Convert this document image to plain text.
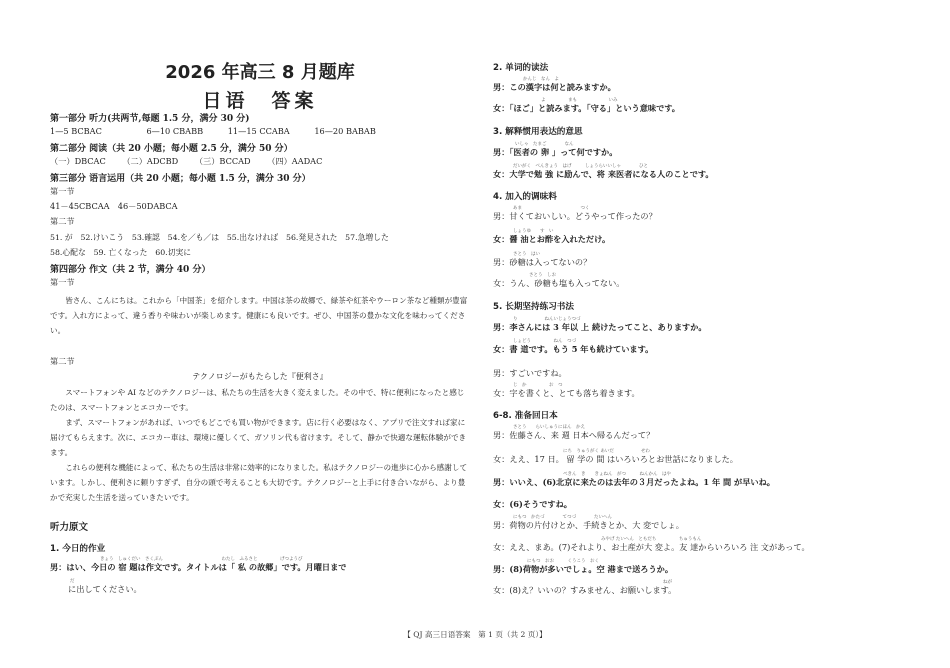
2026 年高三 8 月题库
日语　答案
第一部分 听力(共两节,每题 1.5 分，满分 30 分)
1—5 BCBAC	6—10 CBABB	11—15 CCABA	16—20 BABAB
第二部分 阅读（共 20 小题；每小题 2.5 分，满分 50 分）
（一）DBCAC （二）ADCBD （三）BCCAD （四）AADAC
第三部分 语言运用（共 20 小题；每小题 1.5 分，满分 30 分）
第一节
41－45CBCAA　46－50DABCA
第二节
51. が　52.けいこう　53.確認　54.を／も／は　55.出なければ　56.発見された　57.急増した
58.心配な　59. 亡くなった　60.切実に
第四部分 作文（共 2 节，满分 40 分）
第一节
皆さん、こんにちは。これから「中国茶」を紹介します。中国は茶の故郷で、緑茶や紅茶やウーロン茶など種類が豊富です。入れ方によって、違う香りや味わいが楽しめます。健康にも良いです。ぜひ、中国茶の豊かな文化を味わってください。
第二节
テクノロジーがもたらした『便利さ』
スマートフォンや AI などのテクノロジーは、私たちの生活を大きく変えました。その中で、特に便利になったと感じたのは、スマートフォンとエコカーです。
まず、スマートフォンがあれば、いつでもどこでも買い物ができます。店に行く必要はなく、アプリで注文すれば家に届けてもらえます。次に、エコカー車は、環境に優しくて、ガソリン代も省けます。そして、静かで快適な運転体験ができます。
これらの便利な機能によって、私たちの生活は非常に効率的になりました。私はテクノロジーの進歩に心から感謝しています。しかし、便利さに頼りすぎず、自分の頭で考えることも大切です。テクノロジーと上手に付き合いながら、より豊かで充実した生活を送っていきたいです。
听力原文
1. 今日的作业
きょう　しゅくだい　さくぶん　　　　　　　　　　　　　わたし　ふるさと　　　　　げつようび
男：はい、今日の 宿 題は作文です。タイトルは「 私 の故郷」です。月曜日まで
だ
に出してください。
2. 单词的读法
かんじ　なん　よ
男：この漢字は何と読みますか。
よ　　　　　まも　　　　　　　いみ
女：「ほご」と読みます。「守る」という意味です。
3. 解释惯用表达的意思
いしゃ　たまご　　　　なん
男：「医者の 卵 」って何ですか。
だいがく　べんきょう　はげ　　　しょうらいいしゃ　　　　ひと
女：大学で勉 強 に励んで、将 来医者になる人のことです。
4. 加入的调味料
あま　　　　　　　　　　　　　つく
男：甘くておいしい。どうやって作ったの？
しょうゆ　　す　い
女：醤 油とお酢を入れただけ。
さとう　はい
男：砂糖は入ってないの？
さとう　しお
女：うん、砂糖も塩も入ってない。
5. 长期坚持练习书法
り　　　　　　ねんいじょうつづ
男：李さんには 3 年以 上 続けたってこと、ありますか。
しょどう　　　　　ねん　つづ
女：書 道です。もう 5 年も続けています。
男：すごいですね。
じ　か　　　　　お　つ
女：字を書くと、とても落ち着きます。
6-8. 准备回日本
さとう　　らいしゅうにほん　かえ
男：佐藤さん、来 週 日本へ帰るんだって？
にち　りゅうがく あいだ　　　　　　せわ
女：ええ、17 日。 留 学の 間 はいろいろとお世話になりました。
ぺきん　き　　きょねん　がつ　　　ねんかん　はや
男：いいえ、(6)北京に来たのは去年の３月だったよね。1 年 間 が早いね。
女：(6)そうですね。
にもつ　かたづ　　　　てつづ　　　　たいへん
男：荷物の片付けとか、手続きとか、大 変でしょ。
みやげ たいへん　ともだち　　　　　ちゅうもん
女：ええ、まあ。(7)それより、お土産が大 変よ。友 達からいろいろ 注 文があって。
にもつ　おお　　　くうこう　おく
男：(8)荷物が多いでしょ。空 港まで送ろうか。
ねが
女：(8)え？いいの？すみません、お願いします。
【 QJ 高三日语答案　第 1 页（共 2 页）】
